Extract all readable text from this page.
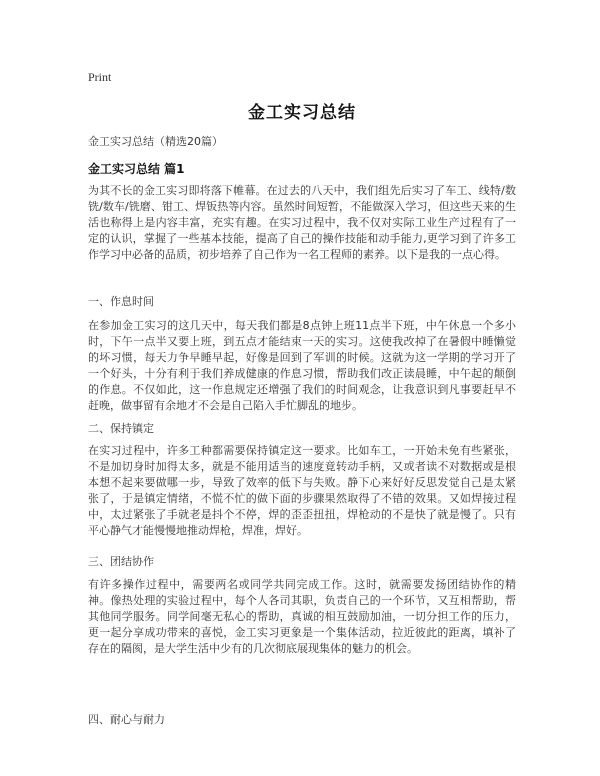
Print
金工实习总结
金工实习总结（精选20篇）
金工实习总结 篇1

为其不长的金工实习即将落下帷幕。在过去的八天中，我们组先后实习了车工、线特/数铣/数车/铣磨、钳工、焊钣热等内容。虽然时间短暂，不能做深入学习，但这些天来的生活也称得上是内容丰富，充实有趣。在实习过程中，我不仅对实际工业生产过程有了一定的认识，掌握了一些基本技能，提高了自己的操作技能和动手能力,更学习到了许多工作学习中必备的品质，初步培养了自己作为一名工程师的素养。以下是我的一点心得。

一、作息时间

在参加金工实习的这几天中，每天我们都是8点钟上班11点半下班，中午休息一个多小时，下午一点半又要上班，到五点才能结束一天的实习。这使我改掉了在暑假中睡懒觉的坏习惯，每天力争早睡早起，好像是回到了军训的时候。这就为这一学期的学习开了一个好头，十分有利于我们养成健康的作息习惯，帮助我们改正读晨睡，中午起的颠倒的作息。不仅如此，这一作息规定还增强了我们的时间观念，让我意识到凡事要赶早不赶晚，做事留有余地才不会是自己陷入手忙脚乱的地步。

二、保持镇定

在实习过程中，许多工种都需要保持镇定这一要求。比如车工，一开始未免有些紧张，不是加切身时加得太多，就是不能用适当的速度竟转动手柄，又或者读不对数据或是根本想不起来要做哪一步，导致了效率的低下与失败。静下心来好好反思发觉自己是太紧张了，于是镇定情绪，不慌不忙的做下面的步骤果然取得了不错的效果。又如焊接过程中，太过紧张了手就老是抖个不停，焊的歪歪扭扭，焊枪动的不是快了就是慢了。只有平心静气才能慢慢地推动焊枪，焊准，焊好。

三、团结协作

有许多操作过程中，需要两名或同学共同完成工作。这时，就需要发扬团结协作的精神。像热处理的实验过程中，每个人各司其职，负责自己的一个环节，又互相帮助，帮其他同学服务。同学间毫无私心的帮助，真诚的相互鼓励加油，一切分担工作的压力，更一起分享成功带来的喜悦，金工实习更象是一个集体活动，拉近彼此的距离，填补了存在的隔阂，是大学生活中少有的几次彻底展现集体的魅力的机会。

四、耐心与耐力
